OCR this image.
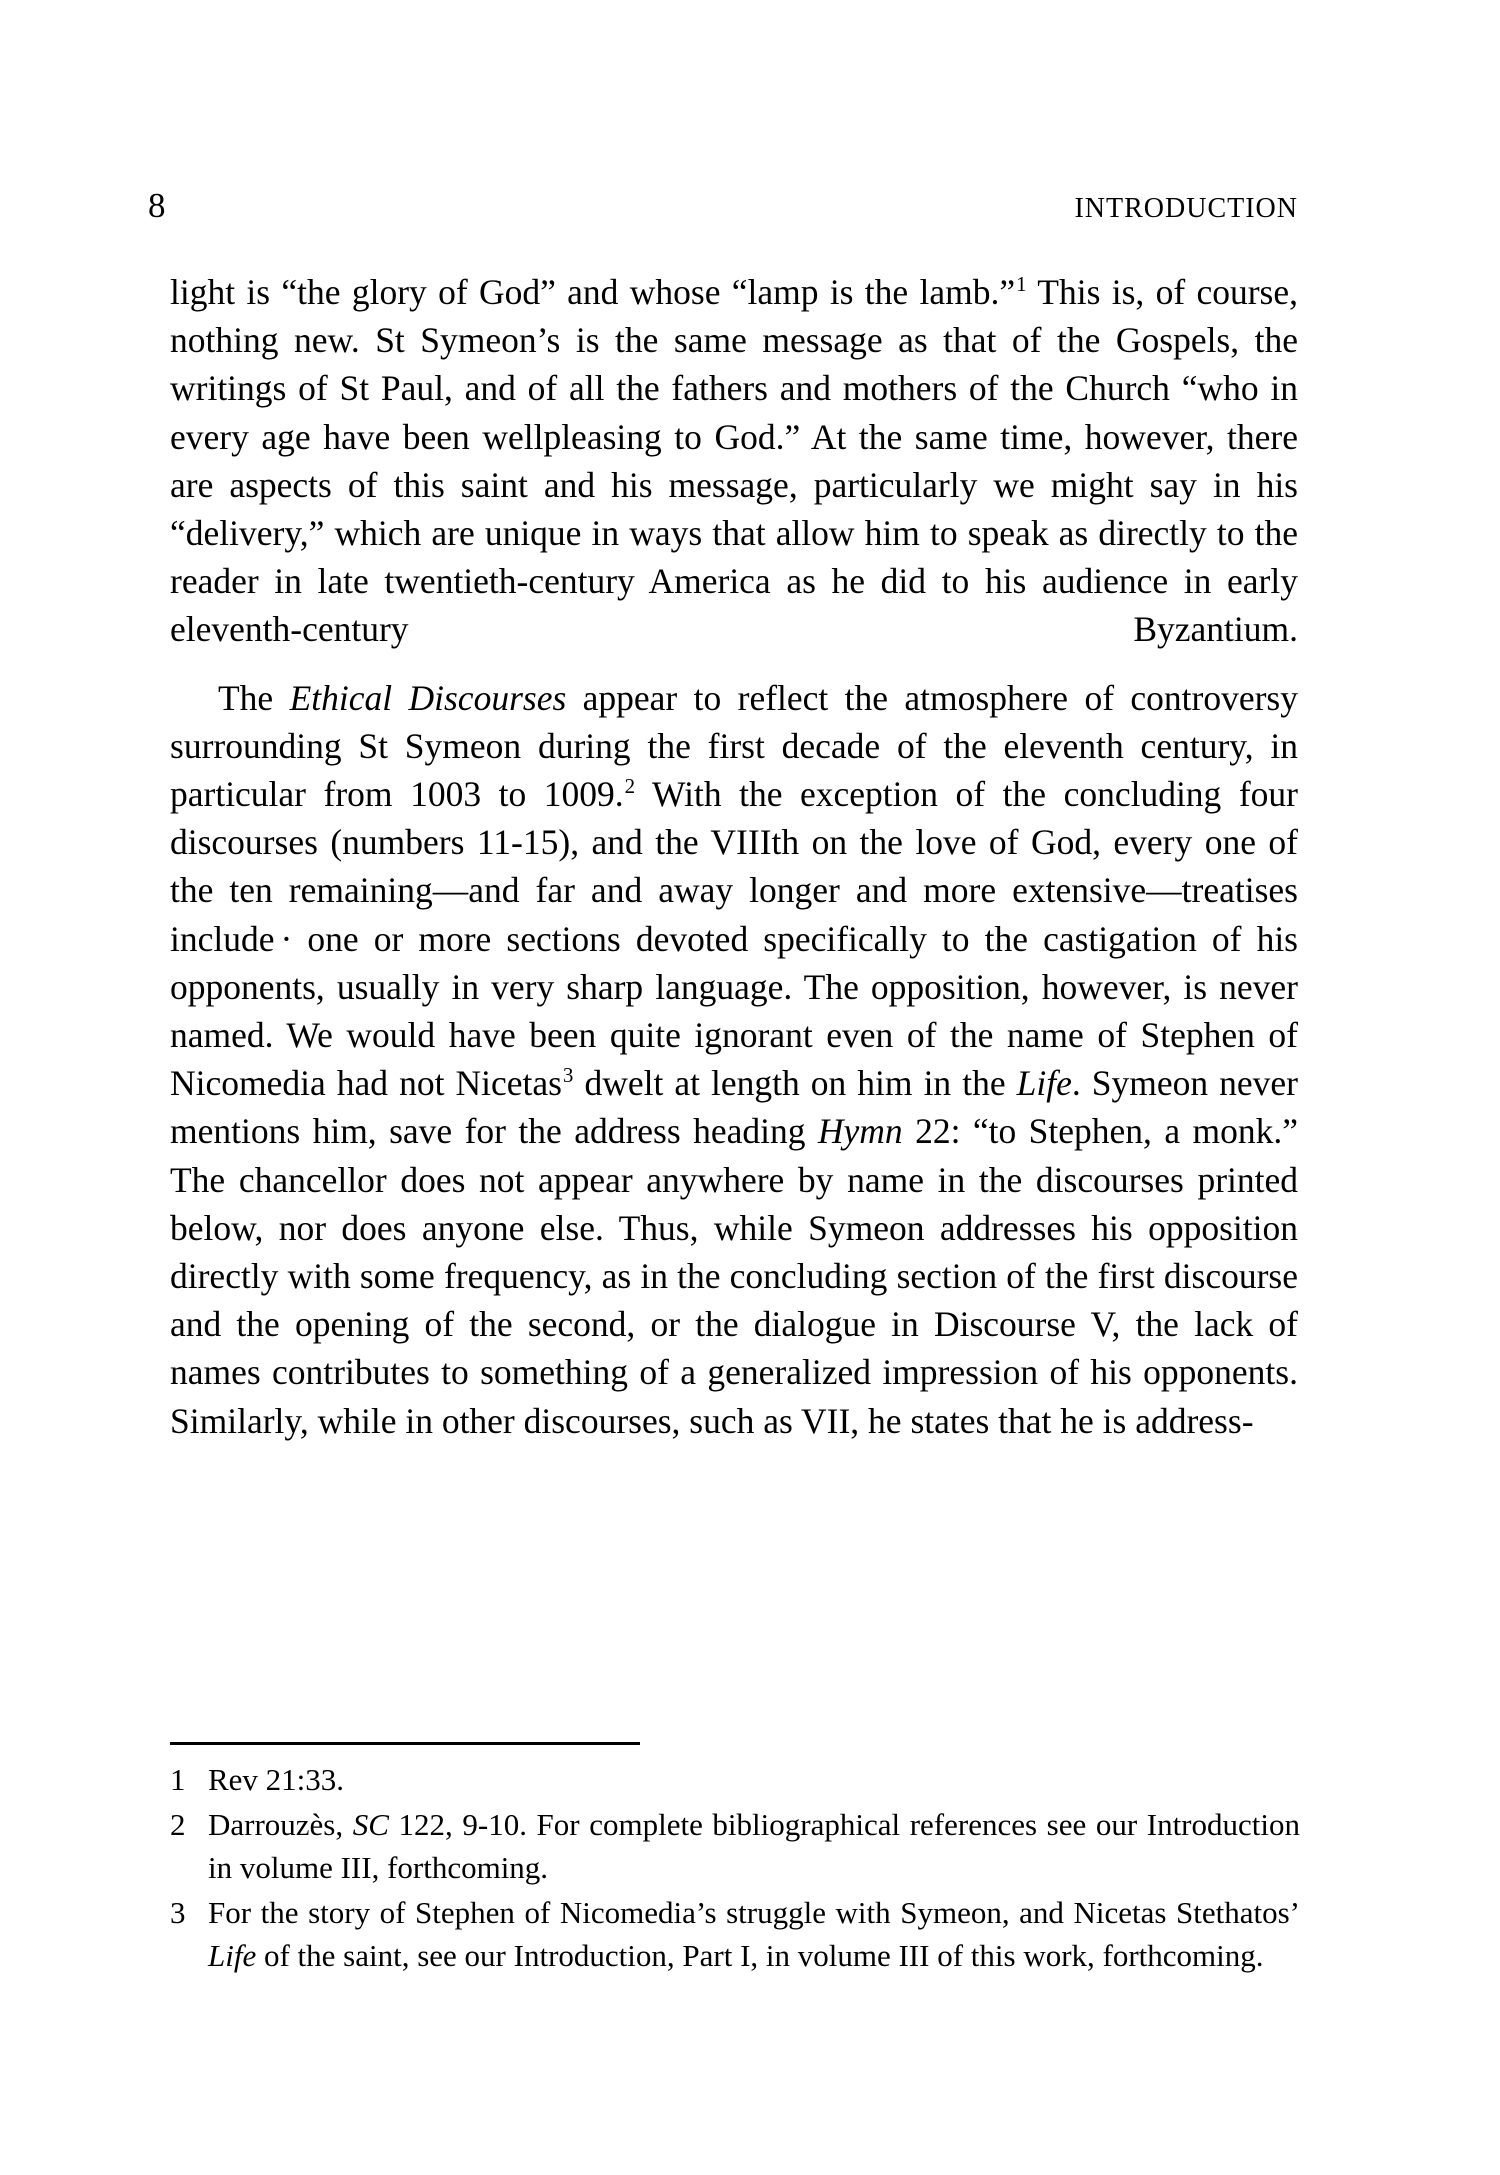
8	INTRODUCTION

light is “the glory of God” and whose “lamp is the lamb.”$^1$ This is, of course, nothing new. St Symeon’s is the same message as that of the Gospels, the writings of St Paul, and of all the fathers and mothers of the Church “who in every age have been wellpleasing to God.” At the same time, however, there are aspects of this saint and his message, particularly we might say in his “delivery,” which are unique in ways that allow him to speak as directly to the reader in late twentieth-century America as he did to his audience in early eleventh-century Byzantium.

The Ethical Discourses appear to reflect the atmosphere of controversy surrounding St Symeon during the first decade of the eleventh century, in particular from 1003 to 1009.$^2$ With the exception of the concluding four discourses (numbers 11-15), and the VIIIth on the love of God, every one of the ten remaining—and far and away longer and more extensive—treatises include · one or more sections devoted specifically to the castigation of his opponents, usually in very sharp language. The opposition, however, is never named. We would have been quite ignorant even of the name of Stephen of Nicomedia had not Nicetas$^3$ dwelt at length on him in the Life. Symeon never mentions him, save for the address heading Hymn 22: “to Stephen, a monk.” The chancellor does not appear anywhere by name in the discourses printed below, nor does anyone else. Thus, while Symeon addresses his opposition directly with some frequency, as in the concluding section of the first discourse and the opening of the second, or the dialogue in Discourse V, the lack of names contributes to something of a generalized impression of his opponents. Similarly, while in other discourses, such as VII, he states that he is address-

1 Rev 21:33.

2 Darrouzès, SC 122, 9-10. For complete bibliographical references see our Introduction in volume III, forthcoming.

3 For the story of Stephen of Nicomedia’s struggle with Symeon, and Nicetas Stethatos’ Life of the saint, see our Introduction, Part I, in volume III of this work, forthcoming.
